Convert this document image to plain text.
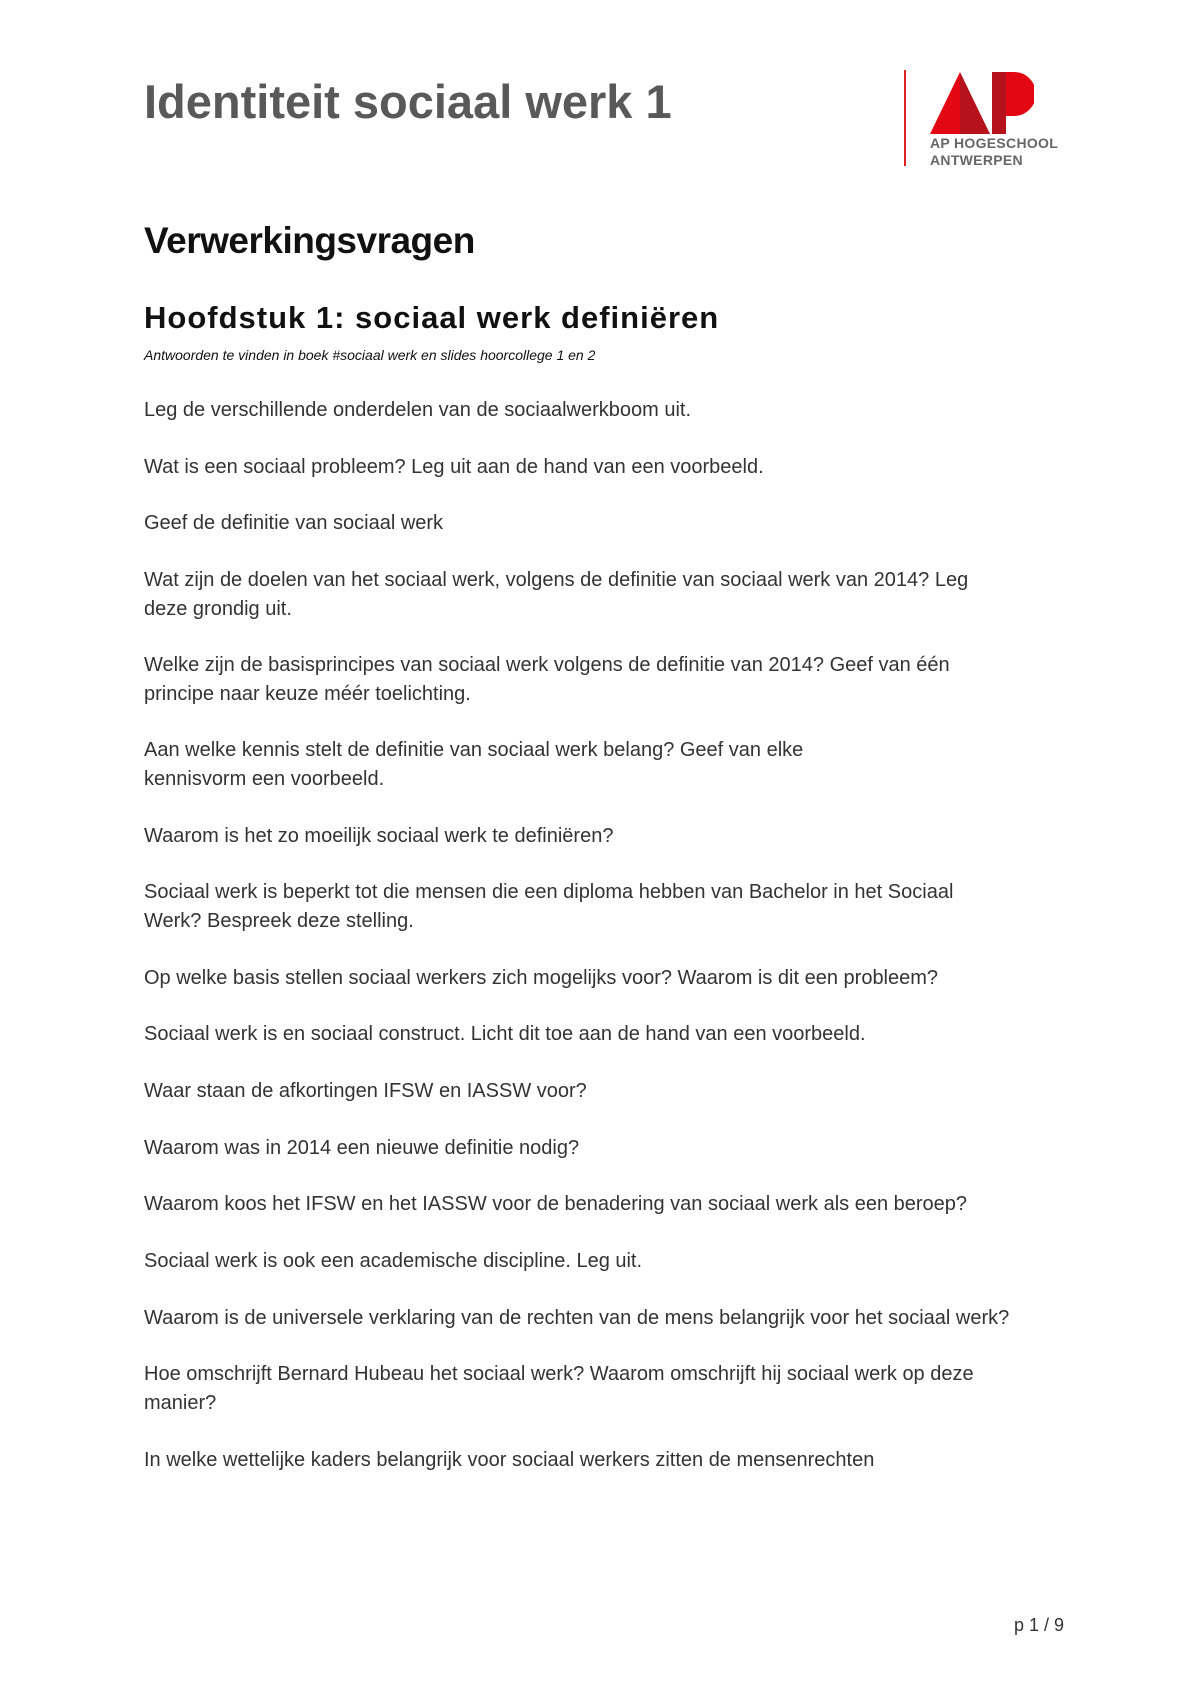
Identiteit sociaal werk 1
AP HOGESCHOOL
ANTWERPEN
Verwerkingsvragen
Hoofdstuk 1: sociaal werk definiëren
Antwoorden te vinden in boek #sociaal werk en slides hoorcollege 1 en 2

Leg de verschillende onderdelen van de sociaalwerkboom uit.

Wat is een sociaal probleem? Leg uit aan de hand van een voorbeeld.

Geef de definitie van sociaal werk

Wat zijn de doelen van het sociaal werk, volgens de definitie van sociaal werk van 2014? Leg deze grondig uit.

Welke zijn de basisprincipes van sociaal werk volgens de definitie van 2014? Geef van één principe naar keuze méér toelichting.

Aan welke kennis stelt de definitie van sociaal werk belang? Geef van elke kennisvorm een voorbeeld.

Waarom is het zo moeilijk sociaal werk te definiëren?

Sociaal werk is beperkt tot die mensen die een diploma hebben van Bachelor in het Sociaal Werk? Bespreek deze stelling.

Op welke basis stellen sociaal werkers zich mogelijks voor? Waarom is dit een probleem?

Sociaal werk is en sociaal construct. Licht dit toe aan de hand van een voorbeeld.

Waar staan de afkortingen IFSW en IASSW voor?

Waarom was in 2014 een nieuwe definitie nodig?

Waarom koos het IFSW en het IASSW voor de benadering van sociaal werk als een beroep?

Sociaal werk is ook een academische discipline. Leg uit.

Waarom is de universele verklaring van de rechten van de mens belangrijk voor het sociaal werk?

Hoe omschrijft Bernard Hubeau het sociaal werk? Waarom omschrijft hij sociaal werk op deze manier?

In welke wettelijke kaders belangrijk voor sociaal werkers zitten de mensenrechten

p 1 / 9
